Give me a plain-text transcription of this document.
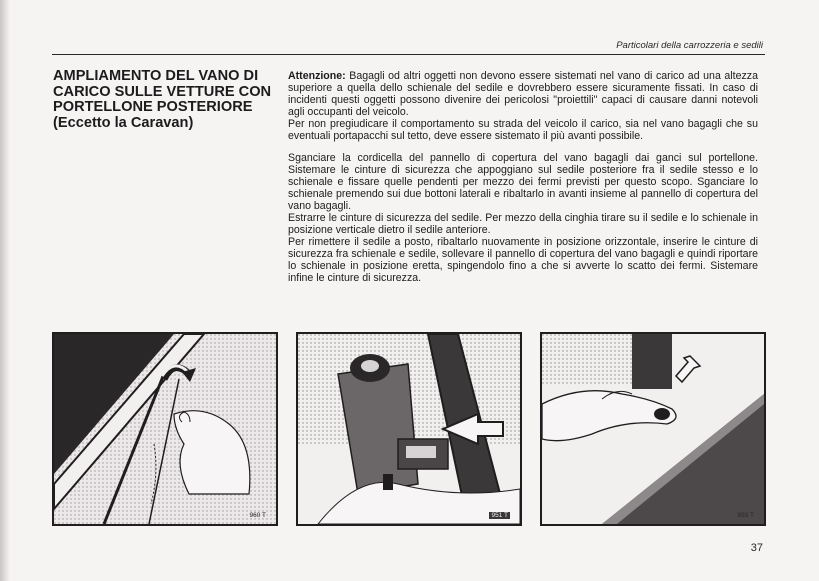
Particolari della carrozzeria e sedili
AMPLIAMENTO DEL VANO DI CARICO SULLE VETTURE CON PORTELLONE POSTERIORE
(Eccetto la Caravan)

Attenzione: Bagagli od altri oggetti non devono essere sistemati nel vano di carico ad una altezza superiore a quella dello schienale del sedile e dovrebbero essere sicuramente fissati. In caso di incidenti questi oggetti possono divenire dei pericolosi "proiettili" capaci di causare danni notevoli agli occupanti del veicolo.

Per non pregiudicare il comportamento su strada del veicolo il carico, sia nel vano bagagli che su eventuali portapacchi sul tetto, deve essere sistemato il più avanti possibile.

Sganciare la cordicella del pannello di copertura del vano bagagli dai ganci sul portellone. Sistemare le cinture di sicurezza che appoggiano sul sedile posteriore fra il sedile stesso e lo schienale e fissare quelle pendenti per mezzo dei fermi previsti per questo scopo. Sganciare lo schienale premendo sui due bottoni laterali e ribaltarlo in avanti insieme al pannello di copertura del vano bagagli.

Estrarre le cinture di sicurezza del sedile. Per mezzo della cinghia tirare su il sedile e lo schienale in posizione verticale dietro il sedile anteriore.

Per rimettere il sedile a posto, ribaltarlo nuovamente in posizione orizzontale, inserire le cinture di sicurezza fra schienale e sedile, sollevare il pannello di copertura del vano bagagli e quindi riportare lo schienale in posizione eretta, spingendolo fino a che si avverte lo scatto dei fermi. Sistemare infine le cinture di sicurezza.

960 T	951 T	893 T
37
